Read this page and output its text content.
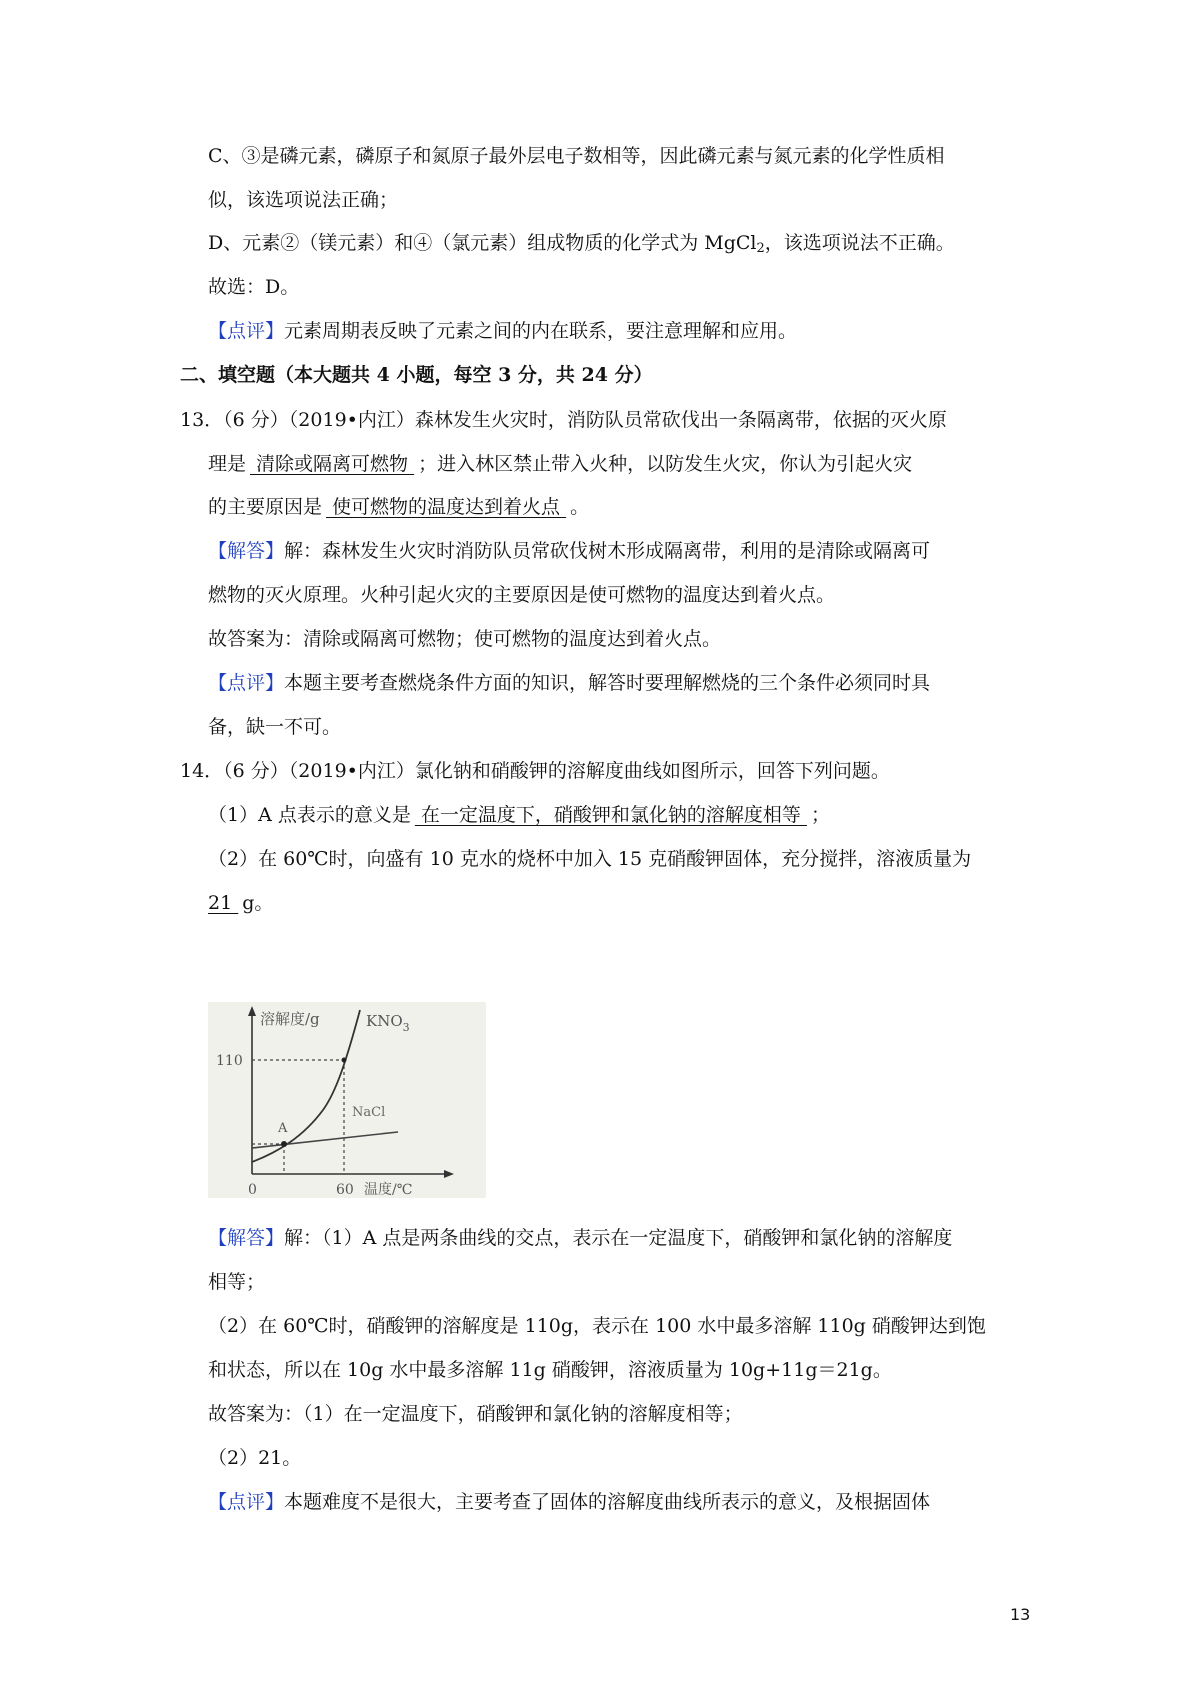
C、③是磷元素，磷原子和氮原子最外层电子数相等，因此磷元素与氮元素的化学性质相
似，该选项说法正确；
D、元素②（镁元素）和④（氯元素）组成物质的化学式为 MgCl$_2$，该选项说法不正确。
故选：D。
【点评】元素周期表反映了元素之间的内在联系，要注意理解和应用。
二、填空题（本大题共 4 小题，每空 3 分，共 24 分）
13．（6 分）（2019•内江）森林发生火灾时，消防队员常砍伐出一条隔离带，依据的灭火原
理是 清除或隔离可燃物 ；进入林区禁止带入火种，以防发生火灾，你认为引起火灾
的主要原因是 使可燃物的温度达到着火点 。
【解答】解：森林发生火灾时消防队员常砍伐树木形成隔离带，利用的是清除或隔离可
燃物的灭火原理。火种引起火灾的主要原因是使可燃物的温度达到着火点。
故答案为：清除或隔离可燃物；使可燃物的温度达到着火点。
【点评】本题主要考查燃烧条件方面的知识，解答时要理解燃烧的三个条件必须同时具
备，缺一不可。
14．（6 分）（2019•内江）氯化钠和硝酸钾的溶解度曲线如图所示，回答下列问题。
（1）A 点表示的意义是 在一定温度下，硝酸钾和氯化钠的溶解度相等 ；
（2）在 60℃时，向盛有 10 克水的烧杯中加入 15 克硝酸钾固体，充分搅拌，溶液质量为
21 g。
溶解度/g	$KNO_3$
110
NaCl
A
0	60 温度/℃
【解答】解：（1）A 点是两条曲线的交点，表示在一定温度下，硝酸钾和氯化钠的溶解度
相等；
（2）在 60℃时，硝酸钾的溶解度是 110g，表示在 100 水中最多溶解 110g 硝酸钾达到饱
和状态，所以在 10g 水中最多溶解 11g 硝酸钾，溶液质量为 10g+11g＝21g。
故答案为：（1）在一定温度下，硝酸钾和氯化钠的溶解度相等；
（2）21。
【点评】本题难度不是很大，主要考查了固体的溶解度曲线所表示的意义，及根据固体
13
